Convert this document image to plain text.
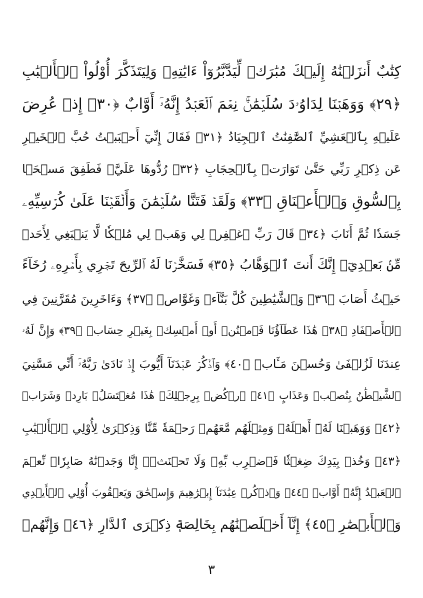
كِتَٰبٌ أَنزَلۡنَٰهُ إِلَيۡكَ مُبَٰرَكٞ لِّيَدَّبَّرُوٓاْ ءَايَٰتِهِۦ وَلِيَتَذَكَّرَ أُوْلُواْ ٱلۡأَلۡبَٰبِ
﴿٢٩﴾ وَوَهَبۡنَا لِدَاوُۥدَ سُلَيۡمَٰنَۚ نِعۡمَ ٱلۡعَبۡدُ إِنَّهُۥٓ أَوَّابٌ ﴿٣٠﴾ إِذۡ عُرِضَ
عَلَيۡهِ بِٱلۡعَشِيِّ ٱلصَّٰفِنَٰتُ ٱلۡجِيَادُ ﴿٣١﴾ فَقَالَ إِنِّيٓ أَحۡبَبۡتُ حُبَّ ٱلۡخَيۡرِ
عَن ذِكۡرِ رَبِّي حَتَّىٰ تَوَارَتۡ بِٱلۡحِجَابِ ﴿٣٢﴾ رُدُّوهَا عَلَيَّۖ فَطَفِقَ مَسۡحَۢا
بِٱلسُّوقِ وَٱلۡأَعۡنَاقِ ﴿٣٣﴾ وَلَقَدۡ فَتَنَّا سُلَيۡمَٰنَ وَأَلۡقَيۡنَا عَلَىٰ كُرۡسِيِّهِۦ
جَسَدٗا ثُمَّ أَنَابَ ﴿٣٤﴾ قَالَ رَبِّ ٱغۡفِرۡ لِي وَهَبۡ لِي مُلۡكٗا لَّا يَنۢبَغِي لِأَحَدٖ
مِّنۢ بَعۡدِيٓۖ إِنَّكَ أَنتَ ٱلۡوَهَّابُ ﴿٣٥﴾ فَسَخَّرۡنَا لَهُ ٱلرِّيحَ تَجۡرِي بِأَمۡرِهِۦ رُخَآءً
حَيۡثُ أَصَابَ ﴿٣٦﴾ وَٱلشَّيَٰطِينَ كُلَّ بَنَّآءٖ وَغَوَّاصٖ ﴿٣٧﴾ وَءَاخَرِينَ مُقَرَّنِينَ فِي
ٱلۡأَصۡفَادِ ﴿٣٨﴾ هَٰذَا عَطَآؤُنَا فَٱمۡنُنۡ أَوۡ أَمۡسِكۡ بِغَيۡرِ حِسَابٖ ﴿٣٩﴾ وَإِنَّ لَهُۥ
عِندَنَا لَزُلۡفَىٰ وَحُسۡنَ مَـَٔابٖ ﴿٤٠﴾ وَٱذۡكُرۡ عَبۡدَنَآ أَيُّوبَ إِذۡ نَادَىٰ رَبَّهُۥٓ أَنِّي مَسَّنِيَ
ٱلشَّيۡطَٰنُ بِنُصۡبٖ وَعَذَابٍ ﴿٤١﴾ ٱرۡكُضۡ بِرِجۡلِكَۖ هَٰذَا مُغۡتَسَلُۢ بَارِدٞ وَشَرَابٞ
﴿٤٢﴾ وَوَهَبۡنَا لَهُۥٓ أَهۡلَهُۥ وَمِثۡلَهُم مَّعَهُمۡ رَحۡمَةٗ مِّنَّا وَذِكۡرَىٰ لِأُوْلِي ٱلۡأَلۡبَٰبِ
﴿٤٣﴾ وَخُذۡ بِيَدِكَ ضِغۡثٗا فَٱضۡرِب بِّهِۦ وَلَا تَحۡنَثۡۗ إِنَّا وَجَدۡنَٰهُ صَابِرٗاۚ نِّعۡمَ
ٱلۡعَبۡدُ إِنَّهُۥٓ أَوَّابٞ ﴿٤٤﴾ وَٱذۡكُرۡ عِبَٰدَنَآ إِبۡرَٰهِيمَ وَإِسۡحَٰقَ وَيَعۡقُوبَ أُوْلِي ٱلۡأَيۡدِي
وَٱلۡأَبۡصَٰرِ ﴿٤٥﴾ إِنَّآ أَخۡلَصۡنَٰهُم بِخَالِصَةٖ ذِكۡرَى ٱلدَّارِ ﴿٤٦﴾ وَإِنَّهُمۡ
٣
